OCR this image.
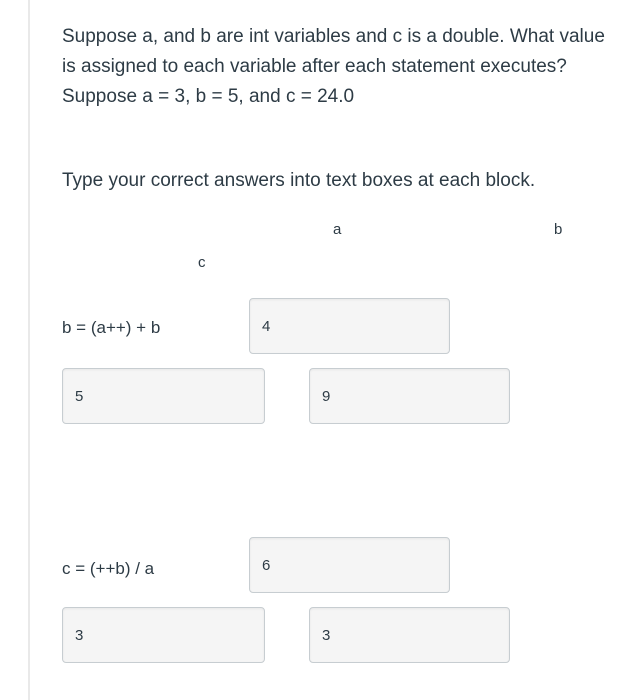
Suppose a, and b are int variables and c is a double. What value is assigned to each variable after each statement executes?

Suppose a = 3, b = 5, and c = 24.0

Type your correct answers into text boxes at each block.
a	b
c
b = (a++) + b
4
5
9
c = (++b) / a
6
3
3
